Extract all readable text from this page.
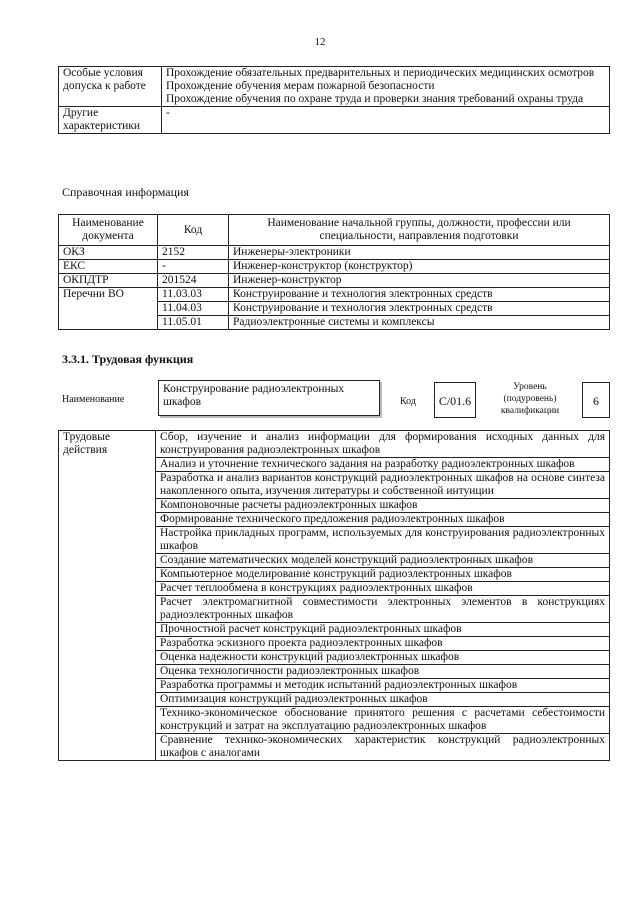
12
Особые условия допуска к работе	Прохождение обязательных предварительных и периодических медицинских осмотров
Прохождение обучения мерам пожарной безопасности
Прохождение обучения по охране труда и проверки знания требований охраны труда

Другие характеристики	-
Справочная информация
Наименование документа	Код	Наименование начальной группы, должности, профессии или специальности, направления подготовки
ОКЗ	2152	Инженеры-электроники
ЕКС	-	Инженер-конструктор (конструктор)
ОКПДТР	201524	Инженер-конструктор
Перечни ВО	11.03.03	Конструирование и технология электронных средств
	11.04.03	Конструирование и технология электронных средств
	11.05.01	Радиоэлектронные системы и комплексы
3.3.1. Трудовая функция
Наименование
Конструирование радиоэлектронных шкафов	Код	С/01.6
Уровень (подуровень) квалификации
6
Трудовые действия	Сбор, изучение и анализ информации для формирования исходных данных для конструирования радиоэлектронных шкафов
Анализ и уточнение технического задания на разработку радиоэлектронных шкафов
Разработка и анализ вариантов конструкций радиоэлектронных шкафов на основе синтеза накопленного опыта, изучения литературы и собственной интуиции
Компоновочные расчеты радиоэлектронных шкафов
Формирование технического предложения радиоэлектронных шкафов
Настройка прикладных программ, используемых для конструирования радиоэлектронных шкафов
Создание математических моделей конструкций радиоэлектронных шкафов
Компьютерное моделирование конструкций радиоэлектронных шкафов
Расчет теплообмена в конструкциях радиоэлектронных шкафов
Расчет электромагнитной совместимости электронных элементов в конструкциях радиоэлектронных шкафов
Прочностной расчет конструкций радиоэлектронных шкафов
Разработка эскизного проекта радиоэлектронных шкафов
Оценка надежности конструкций радиоэлектронных шкафов
Оценка технологичности радиоэлектронных шкафов
Разработка программы и методик испытаний радиоэлектронных шкафов
Оптимизация конструкций радиоэлектронных шкафов
Технико-экономическое обоснование принятого решения с расчетами себестоимости конструкций и затрат на эксплуатацию радиоэлектронных шкафов
Сравнение технико-экономических характеристик конструкций радиоэлектронных шкафов с аналогами
